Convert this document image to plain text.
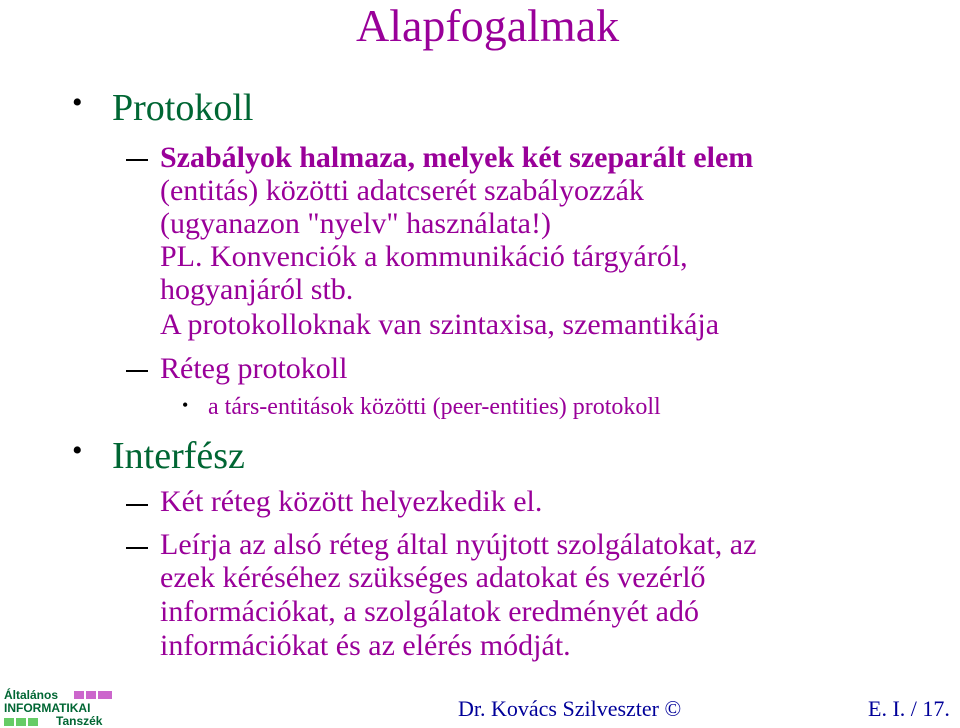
Alapfogalmak
• Protokoll
Szabályok halmaza, melyek két szeparált elem
(entitás) közötti adatcserét szabályozzák
(ugyanazon "nyelv" használata!)
PL. Konvenciók a kommunikáció tárgyáról,
hogyanjáról stb.
A protokolloknak van szintaxisa, szemantikája
Réteg protokoll
• a társ-entitások közötti (peer-entities) protokoll
• Interfész
Két réteg között helyezkedik el.
Leírja az alsó réteg által nyújtott szolgálatokat, az
ezek kéréséhez szükséges adatokat és vezérlő
információkat, a szolgálatok eredményét adó
információkat és az elérés módját.
Általános
INFORMATIKAI
Tanszék	Dr. Kovács Szilveszter ©	E. I. / 17.
